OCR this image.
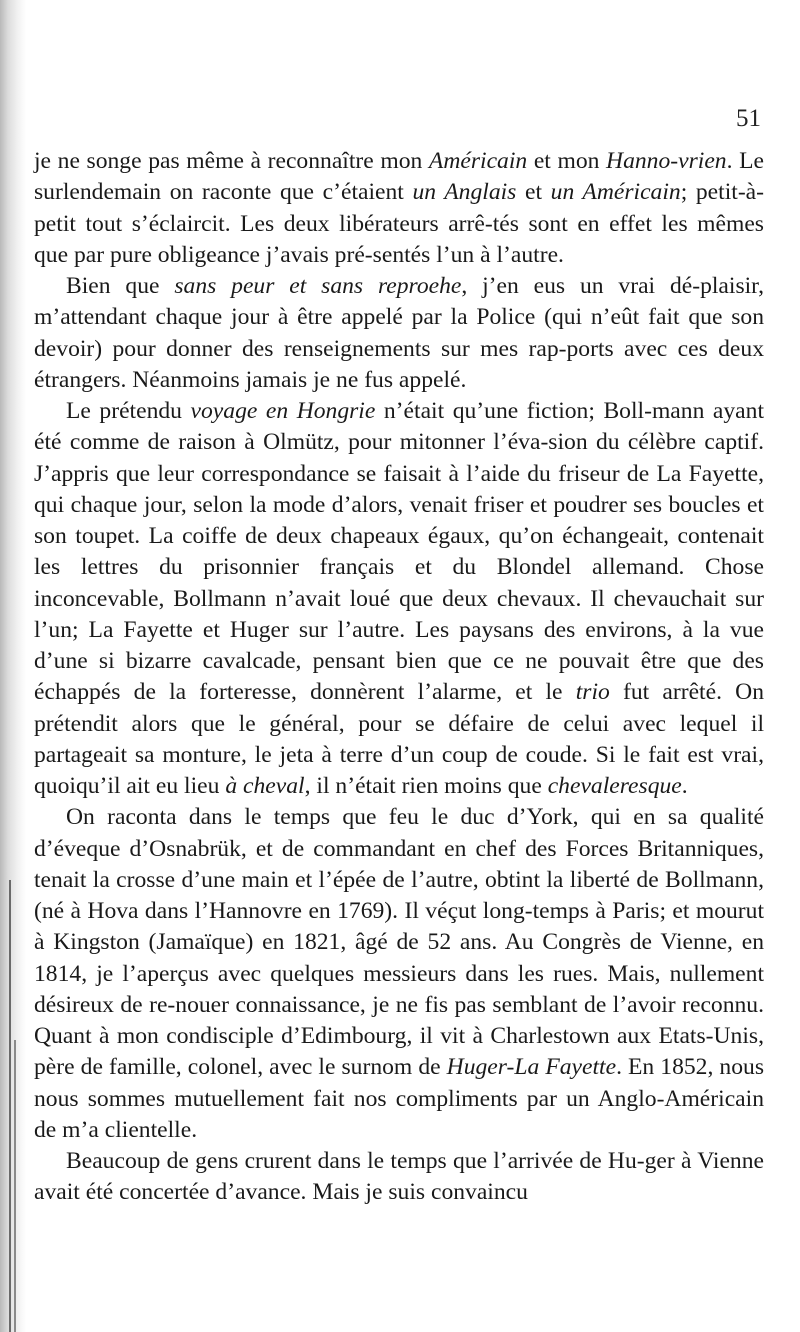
51

je ne songe pas même à reconnaître mon Américain et mon Hanno-vrien. Le surlendemain on raconte que c’étaient un Anglais et un Américain; petit-à-petit tout s’éclaircit. Les deux libérateurs arrê-tés sont en effet les mêmes que par pure obligeance j’avais pré-sentés l’un à l’autre.

Bien que sans peur et sans reproehe, j’en eus un vrai dé-plaisir, m’attendant chaque jour à être appelé par la Police (qui n’eût fait que son devoir) pour donner des renseignements sur mes rap-ports avec ces deux étrangers. Néanmoins jamais je ne fus appelé.

Le prétendu voyage en Hongrie n’était qu’une fiction; Boll-mann ayant été comme de raison à Olmütz, pour mitonner l’éva-sion du célèbre captif. J’appris que leur correspondance se faisait à l’aide du friseur de La Fayette, qui chaque jour, selon la mode d’alors, venait friser et poudrer ses boucles et son toupet. La coiffe de deux chapeaux égaux, qu’on échangeait, contenait les lettres du prisonnier français et du Blondel allemand. Chose inconcevable, Bollmann n’avait loué que deux chevaux. Il chevauchait sur l’un; La Fayette et Huger sur l’autre. Les paysans des environs, à la vue d’une si bizarre cavalcade, pensant bien que ce ne pouvait être que des échappés de la forteresse, donnèrent l’alarme, et le trio fut arrêté. On prétendit alors que le général, pour se défaire de celui avec lequel il partageait sa monture, le jeta à terre d’un coup de coude. Si le fait est vrai, quoiqu’il ait eu lieu à cheval, il n’était rien moins que chevaleresque.

On raconta dans le temps que feu le duc d’York, qui en sa qualité d’éveque d’Osnabrük, et de commandant en chef des Forces Britanniques, tenait la crosse d’une main et l’épée de l’autre, obtint la liberté de Bollmann, (né à Hova dans l’Hannovre en 1769). Il véçut long-temps à Paris; et mourut à Kingston (Jamaïque) en 1821, âgé de 52 ans. Au Congrès de Vienne, en 1814, je l’aperçus avec quelques messieurs dans les rues. Mais, nullement désireux de re-nouer connaissance, je ne fis pas semblant de l’avoir reconnu. Quant à mon condisciple d’Edimbourg, il vit à Charlestown aux Etats-Unis, père de famille, colonel, avec le surnom de Huger-La Fayette. En 1852, nous nous sommes mutuellement fait nos compliments par un Anglo-Américain de m’a clientelle.

Beaucoup de gens crurent dans le temps que l’arrivée de Hu-ger à Vienne avait été concertée d’avance. Mais je suis convaincu
